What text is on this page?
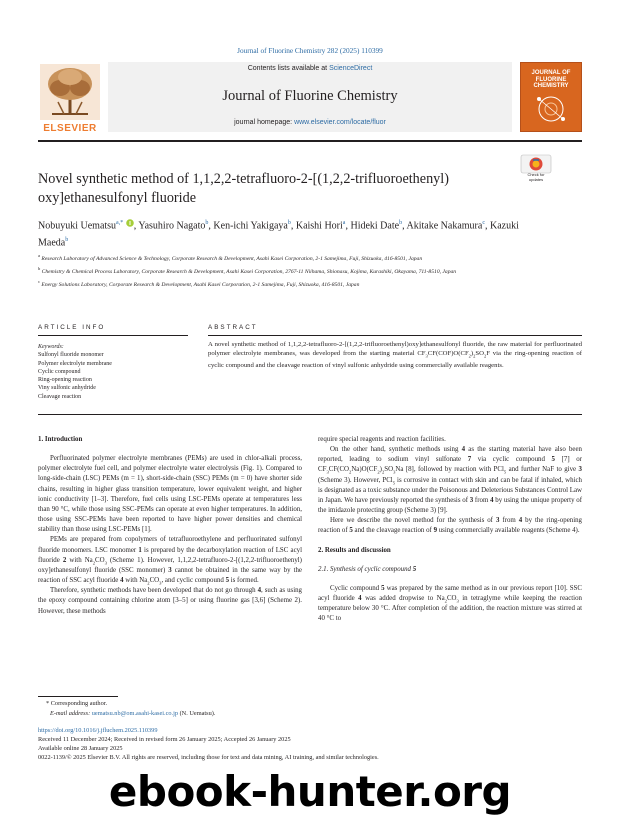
Journal of Fluorine Chemistry 282 (2025) 110399
ELSEVIER
Contents lists available at ScienceDirect
Journal of Fluorine Chemistry
journal homepage: www.elsevier.com/locate/fluor
JOURNAL OF FLUORINE CHEMISTRY
Novel synthetic method of 1,1,2,2-tetrafluoro-2-[(1,2,2-trifluoroethenyl) oxy]ethanesulfonyl fluoride
Check for updates
Nobuyuki Uematsu$^{a,*}$ , Yasuhiro Nagato$^b$, Ken-ichi Yakigaya$^b$, Kaishi Hori$^a$, Hideki Date$^b$, Akitake Nakamura$^c$, Kazuki Maeda$^b$
$^a$ Research Laboratory of Advanced Science & Technology, Corporate Research & Development, Asahi Kasei Corporation, 2-1 Samejima, Fuji, Shizuoka, 416-8501, Japan
$^b$ Chemistry & Chemical Process Laboratory, Corporate Research & Development, Asahi Kasei Corporation, 2767-11 Niihama, Shionasu, Kojima, Kurashiki, Okayama, 711-8510, Japan
$^c$ Energy Solutions Laboratory, Corporate Research & Development, Asahi Kasei Corporation, 2-1 Samejima, Fuji, Shizuoka, 416-8501, Japan
ARTICLE INFO
Keywords:
Sulfonyl fluoride monomer
Polymer electrolyte membrane
Cyclic compound
Ring-opening reaction
Viny sulfonic anhydride
Cleavage reaction
ABSTRACT
A novel synthetic method of 1,1,2,2-tetrafluoro-2-[(1,2,2-trifluoroethenyl)oxy]ethanesulfonyl fluoride, the raw material for perfluorinated polymer electrolyte membranes, was developed from the starting material $CF_3CF(COF)O(CF_2)_2SO_2F$ via the ring-opening reaction of cyclic compound and the cleavage reaction of vinyl sulfonic anhydride using commercially available reagents.
1. Introduction

Perfluorinated polymer electrolyte membranes (PEMs) are used in chlor-alkali process, polymer electrolyte fuel cell, and polymer electrolyte water electrolysis (Fig. 1). Compared to long-side-chain (LSC) PEMs (m = 1), short-side-chain (SSC) PEMs (m = 0) have shorter side chains, resulting in higher glass transition temperature, lower equivalent weight, and higher ionic conductivity [1–3]. Therefore, fuel cells using LSC-PEMs operate at temperatures less than 90 °C, while those using SSC-PEMs can operate at even higher temperatures. In addition, those using SSC-PEMs have been reported to have higher power densities and chemical stability than those using LSC-PEMs [1].

PEMs are prepared from copolymers of tetrafluoroethylene and perfluorinated sulfonyl fluoride monomers. LSC monomer 1 is prepared by the decarboxylation reaction of LSC acyl fluoride 2 with $Na_2CO_3$ (Scheme 1). However, 1,1,2,2-tetrafluoro-2-[(1,2,2-trifluoroethenyl) oxy]ethanesulfonyl fluoride (SSC monomer) 3 cannot be obtained in the same way by the reaction of SSC acyl fluoride 4 with $Na_2CO_3$, and cyclic compound 5 is formed.

Therefore, synthetic methods have been developed that do not go through 4, such as using the epoxy compound containing chlorine atom [3–5] or using fluorine gas [3,6] (Scheme 2). However, these methods

require special reagents and reaction facilities.

On the other hand, synthetic methods using 4 as the starting material have also been reported, leading to sodium vinyl sulfonate 7 via cyclic compound 5 [7] or $CF_3CF(CO_2Na)O(CF_2)_2SO_3Na$ [8], followed by reaction with PCl$_5$ and further NaF to give 3 (Scheme 3). However, PCl$_5$ is corrosive in contact with skin and can be fatal if inhaled, which is designated as a toxic substance under the Poisonous and Deleterious Substances Control Law in Japan. We have previously reported the synthesis of 3 from 4 by using the unique property of the imidazole protecting group (Scheme 3) [9].

Here we describe the novel method for the synthesis of 3 from 4 by the ring-opening reaction of 5 and the cleavage reaction of 9 using commercially available reagents (Scheme 4).

2. Results and discussion
2.1. Synthesis of cyclic compound 5

Cyclic compound 5 was prepared by the same method as in our previous report [10]. SSC acyl fluoride 4 was added dropwise to $Na_2CO_3$ in tetraglyme while keeping the reaction temperature below 30 °C. After completion of the addition, the reaction mixture was stirred at 40 °C to

* Corresponding author.
E-mail address: uematsu.nb@om.asahi-kasei.co.jp (N. Uematsu).
https://doi.org/10.1016/j.jfluchem.2025.110399
Received 11 December 2024; Received in revised form 26 January 2025; Accepted 26 January 2025
Available online 28 January 2025
0022-1139/© 2025 Elsevier B.V. All rights are reserved, including those for text and data mining, AI training, and similar technologies.
ebook-hunter.org
